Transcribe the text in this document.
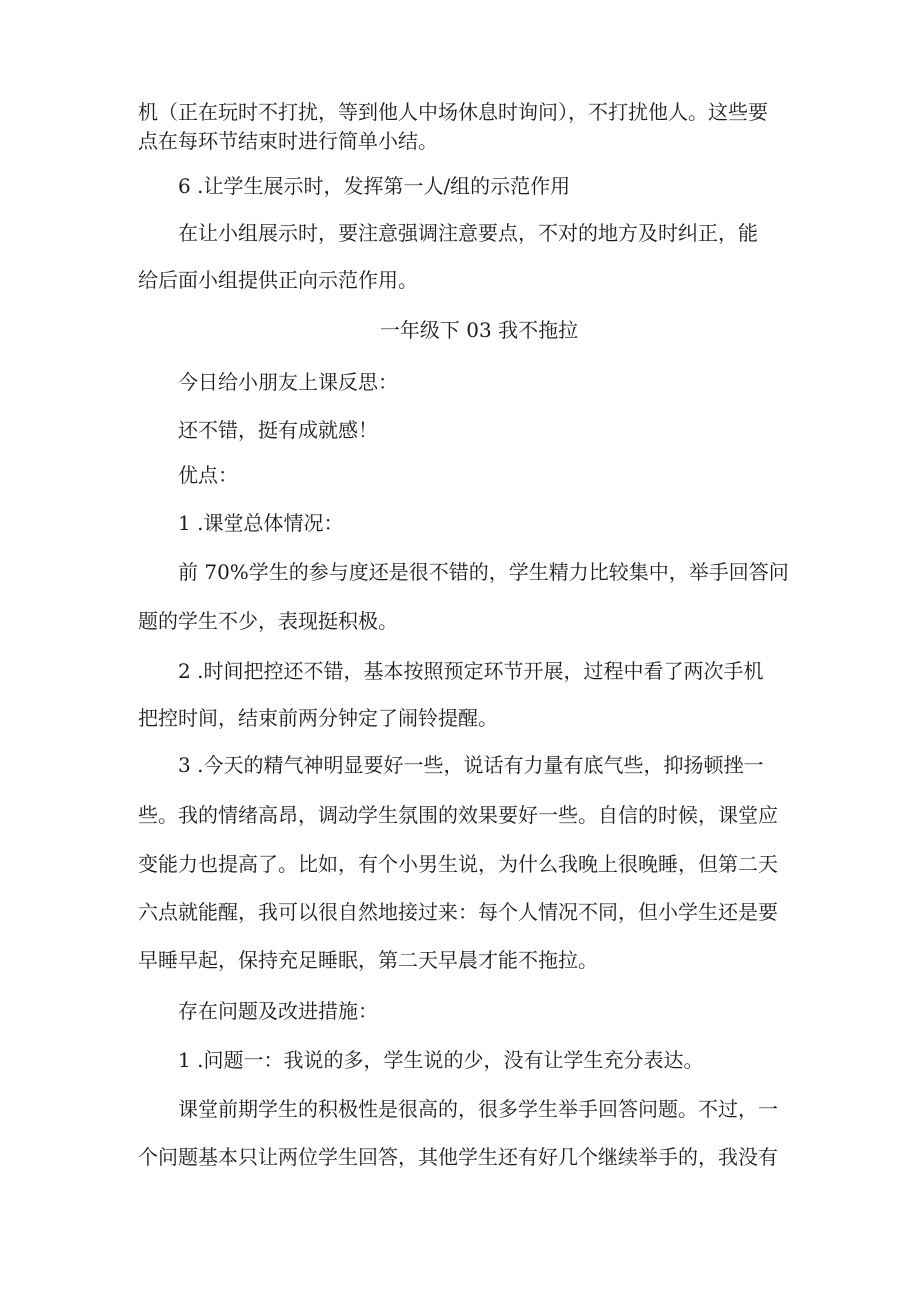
机（正在玩时不打扰，等到他人中场休息时询问），不打扰他人。这些要
点在每环节结束时进行简单小结。
6 .让学生展示时，发挥第一人/组的示范作用
在让小组展示时，要注意强调注意要点，不对的地方及时纠正，能
给后面小组提供正向示范作用。
一年级下 03 我不拖拉
今日给小朋友上课反思：
还不错，挺有成就感！
优点：
1 .课堂总体情况：
前 70%学生的参与度还是很不错的，学生精力比较集中，举手回答问
题的学生不少，表现挺积极。
2 .时间把控还不错，基本按照预定环节开展，过程中看了两次手机
把控时间，结束前两分钟定了闹铃提醒。
3 .今天的精气神明显要好一些，说话有力量有底气些，抑扬顿挫一
些。我的情绪高昂，调动学生氛围的效果要好一些。自信的时候，课堂应
变能力也提高了。比如，有个小男生说，为什么我晚上很晚睡，但第二天
六点就能醒，我可以很自然地接过来：每个人情况不同，但小学生还是要
早睡早起，保持充足睡眠，第二天早晨才能不拖拉。
存在问题及改进措施：
1 .问题一：我说的多，学生说的少，没有让学生充分表达。
课堂前期学生的积极性是很高的，很多学生举手回答问题。不过，一
个问题基本只让两位学生回答，其他学生还有好几个继续举手的，我没有
